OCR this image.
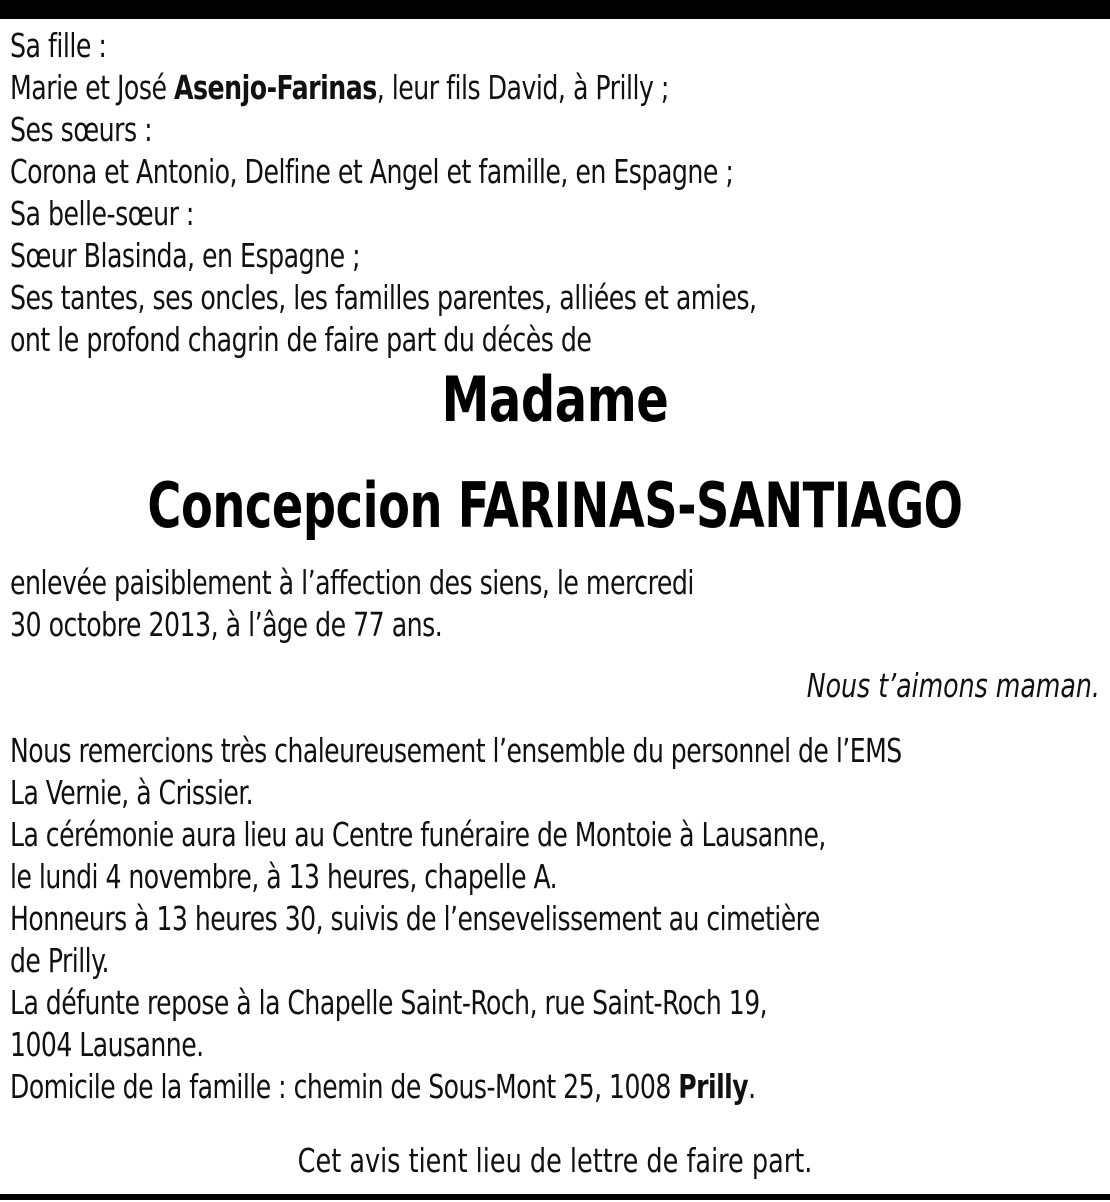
Sa fille :
Marie et José Asenjo-Farinas, leur fils David, à Prilly ;
Ses sœurs :
Corona et Antonio, Delfine et Angel et famille, en Espagne ;
Sa belle-sœur :
Sœur Blasinda, en Espagne ;
Ses tantes, ses oncles, les familles parentes, alliées et amies,
ont le profond chagrin de faire part du décès de
Madame
Concepcion FARINAS-SANTIAGO
enlevée paisiblement à l’affection des siens, le mercredi
30 octobre 2013, à l’âge de 77 ans.
Nous t’aimons maman.
Nous remercions très chaleureusement l’ensemble du personnel de l’EMS
La Vernie, à Crissier.
La cérémonie aura lieu au Centre funéraire de Montoie à Lausanne,
le lundi 4 novembre, à 13 heures, chapelle A.
Honneurs à 13 heures 30, suivis de l’ensevelissement au cimetière
de Prilly.
La défunte repose à la Chapelle Saint-Roch, rue Saint-Roch 19,
1004 Lausanne.
Domicile de la famille : chemin de Sous-Mont 25, 1008 Prilly.
Cet avis tient lieu de lettre de faire part.
